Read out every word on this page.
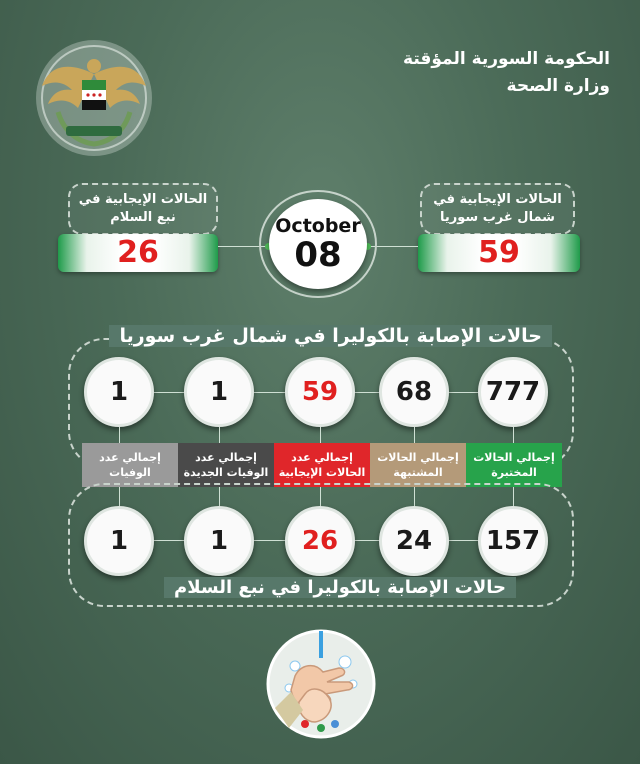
الحكومة السورية المؤقتة
وزارة الصحة
الحالات الإيجابية في نبع السلام
26
الحالات الإيجابية في شمال غرب سوريا
59
October
08
حالات الإصابة بالكوليرا في شمال غرب سوريا
777
68
59
1
1
إجمالي عدد الوفيات
إجمالي عدد الوفيات الجديدة
إجمالي عدد الحالات الإيجابية
إجمالي الحالات المشتبهة
إجمالي الحالات المختبرة
157
24
26
1
1
حالات الإصابة بالكوليرا في نبع السلام
